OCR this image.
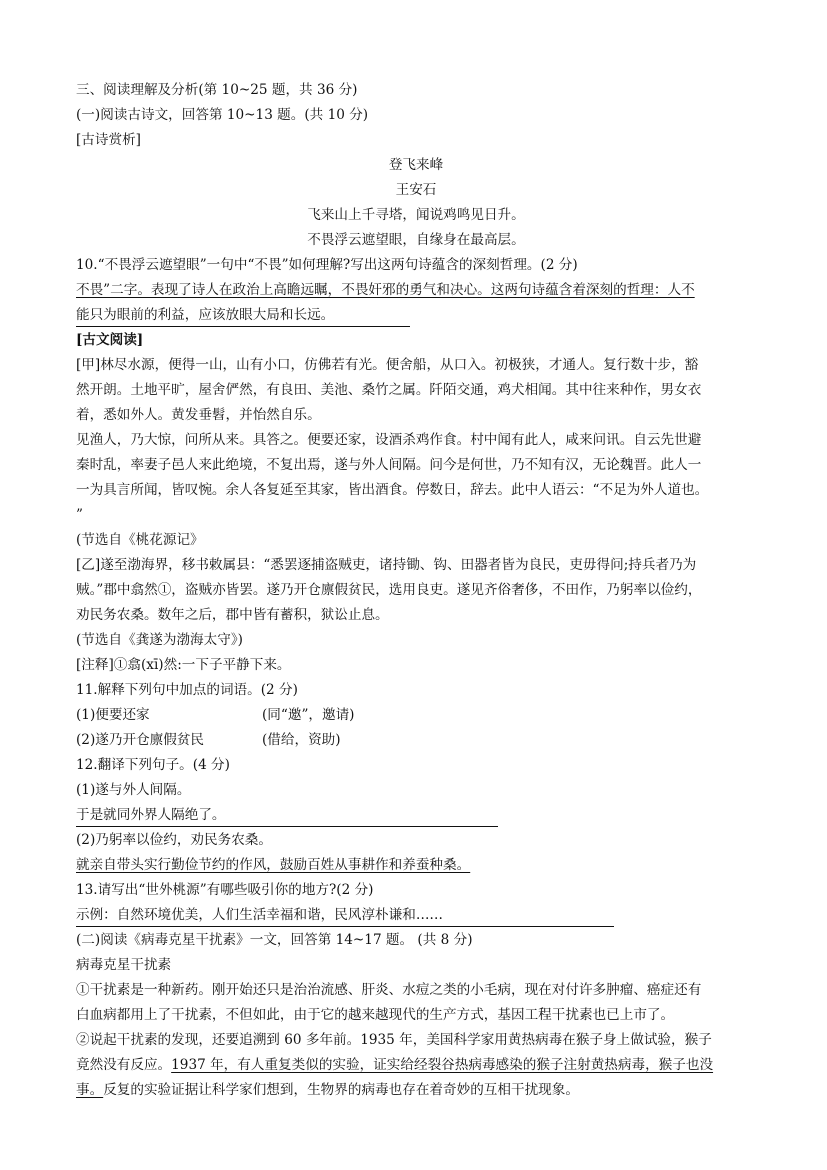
三、阅读理解及分析(第 10~25 题，共 36 分)
(一)阅读古诗文，回答第 10~13 题。(共 10 分)
[古诗赏析]
登飞来峰
王安石
飞来山上千寻塔，闻说鸡鸣见日升。
不畏浮云遮望眼，自缘身在最高层。
10.“不畏浮云遮望眼”一句中“不畏”如何理解?写出这两句诗蕴含的深刻哲理。(2 分)
不畏”二字。表现了诗人在政治上高瞻远瞩，不畏奸邪的勇气和决心。这两句诗蕴含着深刻的哲理：人不
能只为眼前的利益，应该放眼大局和长远。
[古文阅读]
[甲]林尽水源，便得一山，山有小口，仿佛若有光。便舍船，从口入。初极狭，才通人。复行数十步，豁
然开朗。土地平旷，屋舍俨然，有良田、美池、桑竹之属。阡陌交通，鸡犬相闻。其中往来种作，男女衣
着，悉如外人。黄发垂髫，并怡然自乐。
见渔人，乃大惊，问所从来。具答之。便要还家，设酒杀鸡作食。村中闻有此人，咸来问讯。自云先世避
秦时乱，率妻子邑人来此绝境，不复出焉，遂与外人间隔。问今是何世，乃不知有汉，无论魏晋。此人一
一为具言所闻，皆叹惋。余人各复延至其家，皆出酒食。停数日，辞去。此中人语云：“不足为外人道也。
”
(节选自《桃花源记》
[乙]遂至渤海界，移书敕属县：“悉罢逐捕盗贼吏，诸持锄、钩、田器者皆为良民，吏毋得问;持兵者乃为
贼。”郡中翕然①，盗贼亦皆罢。遂乃开仓廪假贫民，选用良吏。遂见齐俗奢侈，不田作，乃躬率以俭约，
劝民务农桑。数年之后，郡中皆有蓄积，狱讼止息。
(节选自《龚遂为渤海太守》)
[注释]①翕(xī)然:一下子平静下来。
11.解释下列句中加点的词语。(2 分)
(1)便要还家	(同“邀”，邀请)
(2)遂乃开仓廪假贫民	(借给，资助)
12.翻译下列句子。(4 分)
(1)遂与外人间隔。
于是就同外界人隔绝了。
(2)乃躬率以俭约，劝民务农桑。
就亲自带头实行勤俭节约的作风，鼓励百姓从事耕作和养蚕种桑。
13.请写出“世外桃源”有哪些吸引你的地方?(2 分)
示例：自然环境优美，人们生活幸福和谐，民风淳朴谦和……
(二)阅读《病毒克星干扰素》一文，回答第 14~17 题。 (共 8 分)
病毒克星干扰素
①干扰素是一种新药。刚开始还只是治治流感、肝炎、水痘之类的小毛病，现在对付许多肿瘤、癌症还有
白血病都用上了干扰素，不但如此，由于它的越来越现代的生产方式，基因工程干扰素也已上市了。
②说起干扰素的发现，还要追溯到 60 多年前。1935 年，美国科学家用黄热病毒在猴子身上做试验，猴子
竟然没有反应。1937 年，有人重复类似的实验，证实给经裂谷热病毒感染的猴子注射黄热病毒，猴子也没
事。反复的实验证据让科学家们想到，生物界的病毒也存在着奇妙的互相干扰现象。
